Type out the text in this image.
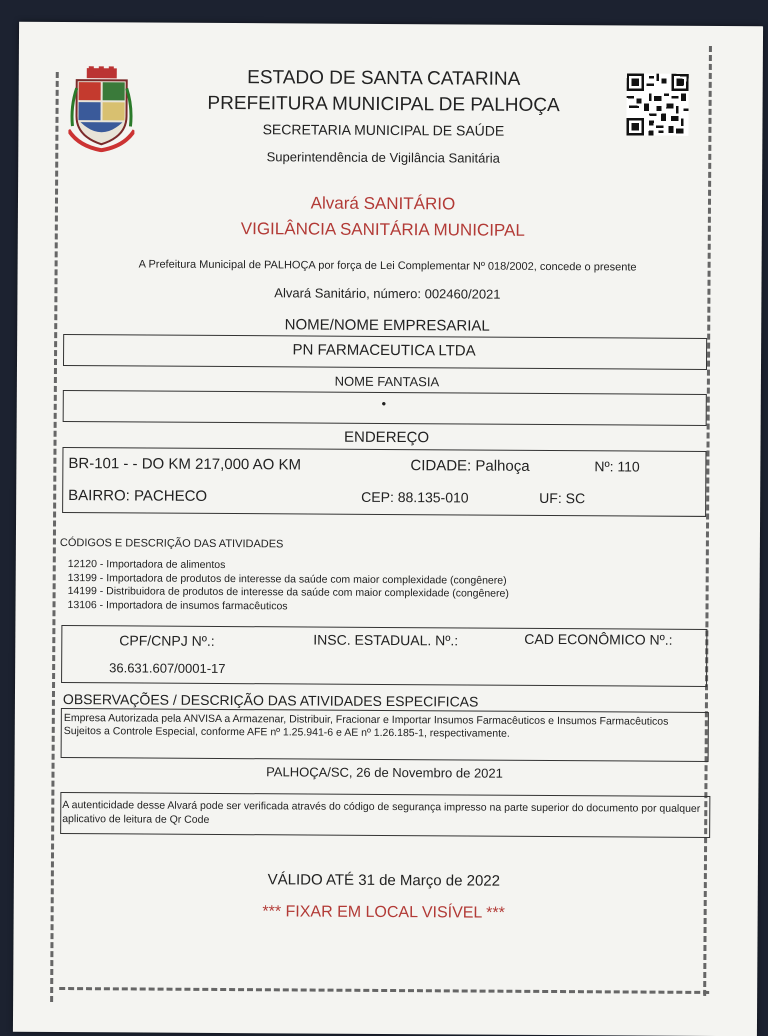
ESTADO DE SANTA CATARINA
PREFEITURA MUNICIPAL DE PALHOÇA
SECRETARIA MUNICIPAL DE SAÚDE
Superintendência de Vigilância Sanitária
Alvará SANITÁRIO
VIGILÂNCIA SANITÁRIA MUNICIPAL
A Prefeitura Municipal de PALHOÇA por força de Lei Complementar Nº 018/2002, concede o presente
Alvará Sanitário, número: 002460/2021
NOME/NOME EMPRESARIAL
PN FARMACEUTICA LTDA
NOME FANTASIA
•
ENDEREÇO
BR-101 - - DO KM 217,000 AO KM	CIDADE: Palhoça	Nº: 110
BAIRRO: PACHECO	CEP: 88.135-010	UF: SC
CÓDIGOS E DESCRIÇÃO DAS ATIVIDADES
12120 - Importadora de alimentos
13199 - Importadora de produtos de interesse da saúde com maior complexidade (congênere)
14199 - Distribuidora de produtos de interesse da saúde com maior complexidade (congênere)
13106 - Importadora de insumos farmacêuticos
CPF/CNPJ Nº.:	INSC. ESTADUAL. Nº.:	CAD ECONÔMICO Nº.:
36.631.607/0001-17
OBSERVAÇÕES / DESCRIÇÃO DAS ATIVIDADES ESPECIFICAS
Empresa Autorizada pela ANVISA a Armazenar, Distribuir, Fracionar e Importar Insumos Farmacêuticos e Insumos Farmacêuticos Sujeitos a Controle Especial, conforme AFE nº 1.25.941-6 e AE nº 1.26.185-1, respectivamente.
PALHOÇA/SC, 26 de Novembro de 2021
A autenticidade desse Alvará pode ser verificada através do código de segurança impresso na parte superior do documento por qualquer aplicativo de leitura de Qr Code
VÁLIDO ATÉ 31 de Março de 2022
*** FIXAR EM LOCAL VISÍVEL ***
